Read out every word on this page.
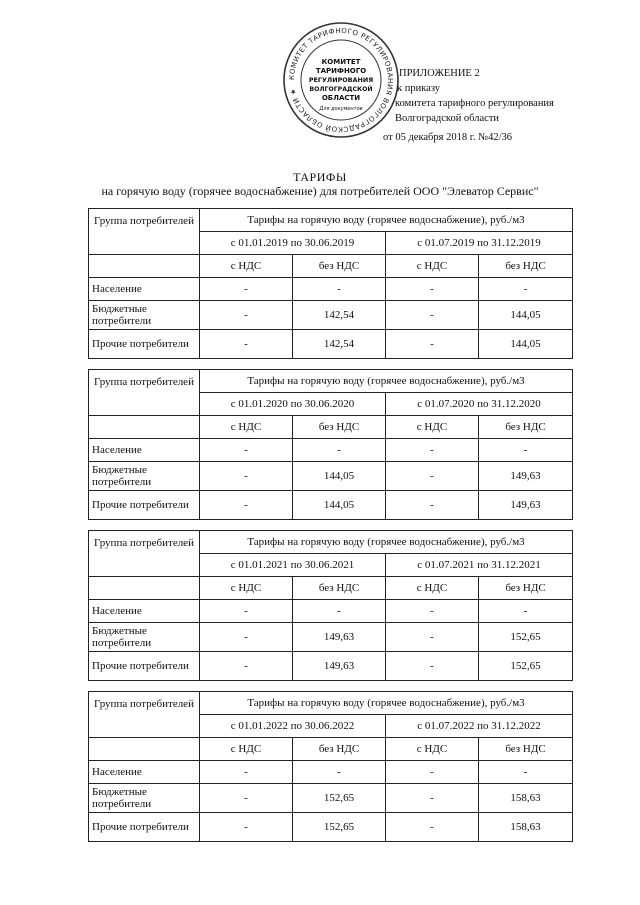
КОМИТЕТ ТАРИФНОГО РЕГУЛИРОВАНИЯ ВОЛГОГРАДСКОЙ ОБЛАСТИ ★
КОМИТЕТ
ТАРИФНОГО
РЕГУЛИРОВАНИЯ
ВОЛГОГРАДСКОЙ
ОБЛАСТИ
Для документов
ПРИЛОЖЕНИЕ 2
к приказу
комитета тарифного регулирования
Волгоградской области
от 05 декабря 2018 г. №42/36
ТАРИФЫ
на горячую воду (горячее водоснабжение) для потребителей ООО "Элеватор Сервис"
Группа потребителей	Тарифы на горячую воду (горячее водоснабжение), руб./м3			
	с 01.01.2019 по 30.06.2019		с 01.07.2019 по 31.12.2019	
	с НДС	без НДС	с НДС	без НДС
Население	-	-	-	-
Бюджетные потребители	-	142,54	-	144,05
Прочие потребители	-	142,54	-	144,05
Группа потребителей	Тарифы на горячую воду (горячее водоснабжение), руб./м3			
	с 01.01.2020 по 30.06.2020		с 01.07.2020 по 31.12.2020	
	с НДС	без НДС	с НДС	без НДС
Население	-	-	-	-
Бюджетные потребители	-	144,05	-	149,63
Прочие потребители	-	144,05	-	149,63
Группа потребителей	Тарифы на горячую воду (горячее водоснабжение), руб./м3			
	с 01.01.2021 по 30.06.2021		с 01.07.2021 по 31.12.2021	
	с НДС	без НДС	с НДС	без НДС
Население	-	-	-	-
Бюджетные потребители	-	149,63	-	152,65
Прочие потребители	-	149,63	-	152,65
Группа потребителей	Тарифы на горячую воду (горячее водоснабжение), руб./м3			
	с 01.01.2022 по 30.06.2022		с 01.07.2022 по 31.12.2022	
	с НДС	без НДС	с НДС	без НДС
Население	-	-	-	-
Бюджетные потребители	-	152,65	-	158,63
Прочие потребители	-	152,65	-	158,63
